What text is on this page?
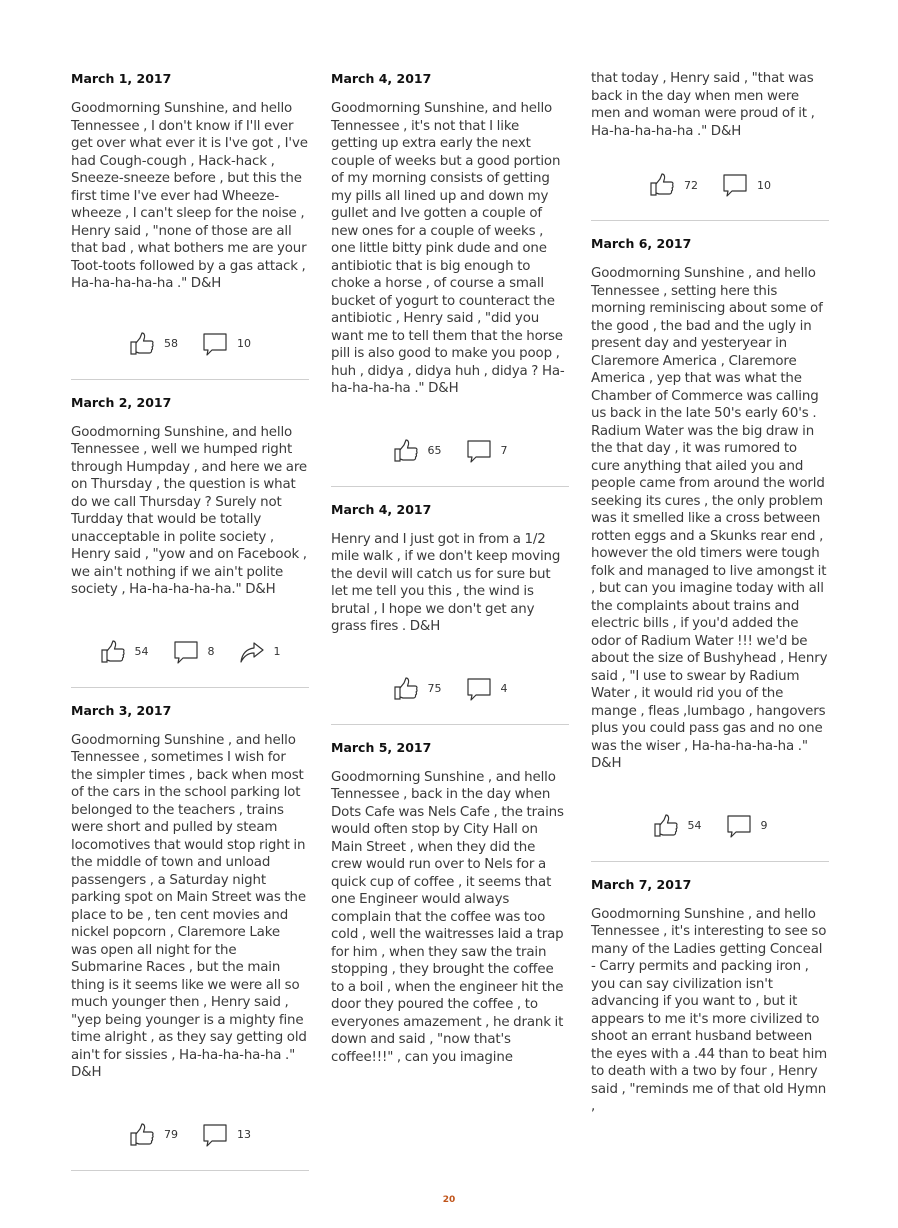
March 1, 2017

Goodmorning Sunshine, and hello Tennessee , I don't know if I'll ever get over what ever it is I've got , I've had Cough-cough , Hack-hack , Sneeze-sneeze before , but this the first time I've ever had Wheeze-wheeze , I can't sleep for the noise , Henry said , "none of those are all that bad , what bothers me are your Toot-toots followed by a gas attack , Ha-ha-ha-ha-ha ." D&H

58	10
March 2, 2017

Goodmorning Sunshine, and hello Tennessee , well we humped right through Humpday , and here we are on Thursday , the question is what do we call Thursday ? Surely not Turdday that would be totally unacceptable in polite society , Henry said , "yow and on Facebook , we ain't nothing if we ain't polite society , Ha-ha-ha-ha-ha." D&H

54	8	1
March 3, 2017

Goodmorning Sunshine , and hello Tennessee , sometimes I wish for the simpler times , back when most of the cars in the school parking lot belonged to the teachers , trains were short and pulled by steam locomotives that would stop right in the middle of town and unload passengers , a Saturday night parking spot on Main Street was the place to be , ten cent movies and nickel popcorn , Claremore Lake was open all night for the Submarine Races , but the main thing is it seems like we were all so much younger then , Henry said , "yep being younger is a mighty fine time alright , as they say getting old ain't for sissies , Ha-ha-ha-ha-ha ." D&H

79	13
March 4, 2017

Goodmorning Sunshine, and hello Tennessee , it's not that I like getting up extra early the next couple of weeks but a good portion of my morning consists of getting my pills all lined up and down my gullet and Ive gotten a couple of new ones for a couple of weeks , one little bitty pink dude and one antibiotic that is big enough to choke a horse , of course a small bucket of yogurt to counteract the antibiotic , Henry said , "did you want me to tell them that the horse pill is also good to make you poop , huh , didya , didya huh , didya ? Ha-ha-ha-ha-ha ." D&H

65	7
March 4, 2017

Henry and I just got in from a 1/2 mile walk , if we don't keep moving the devil will catch us for sure but let me tell you this , the wind is brutal , I hope we don't get any grass fires . D&H

75	4
March 5, 2017

Goodmorning Sunshine , and hello Tennessee , back in the day when Dots Cafe was Nels Cafe , the trains would often stop by City Hall on Main Street , when they did the crew would run over to Nels for a quick cup of coffee , it seems that one Engineer would always complain that the coffee was too cold , well the waitresses laid a trap for him , when they saw the train stopping , they brought the coffee to a boil , when the engineer hit the door they poured the coffee , to everyones amazement , he drank it down and said , "now that's coffee!!!" , can you imagine

that today , Henry said , "that was back in the day when men were men and woman were proud of it , Ha-ha-ha-ha-ha ." D&H

72	10
March 6, 2017

Goodmorning Sunshine , and hello Tennessee , setting here this morning reminiscing about some of the good , the bad and the ugly in present day and yesteryear in Claremore America , Claremore America , yep that was what the Chamber of Commerce was calling us back in the late 50's early 60's . Radium Water was the big draw in the that day , it was rumored to cure anything that ailed you and people came from around the world seeking its cures , the only problem was it smelled like a cross between rotten eggs and a Skunks rear end , however the old timers were tough folk and managed to live amongst it , but can you imagine today with all the complaints about trains and electric bills , if you'd added the odor of Radium Water !!! we'd be about the size of Bushyhead , Henry said , "I use to swear by Radium Water , it would rid you of the mange , fleas ,lumbago , hangovers plus you could pass gas and no one was the wiser , Ha-ha-ha-ha-ha ." D&H

54	9
March 7, 2017

Goodmorning Sunshine , and hello Tennessee , it's interesting to see so many of the Ladies getting Conceal - Carry permits and packing iron , you can say civilization isn't advancing if you want to , but it appears to me it's more civilized to shoot an errant husband between the eyes with a .44 than to beat him to death with a two by four , Henry said , "reminds me of that old Hymn ,

20
